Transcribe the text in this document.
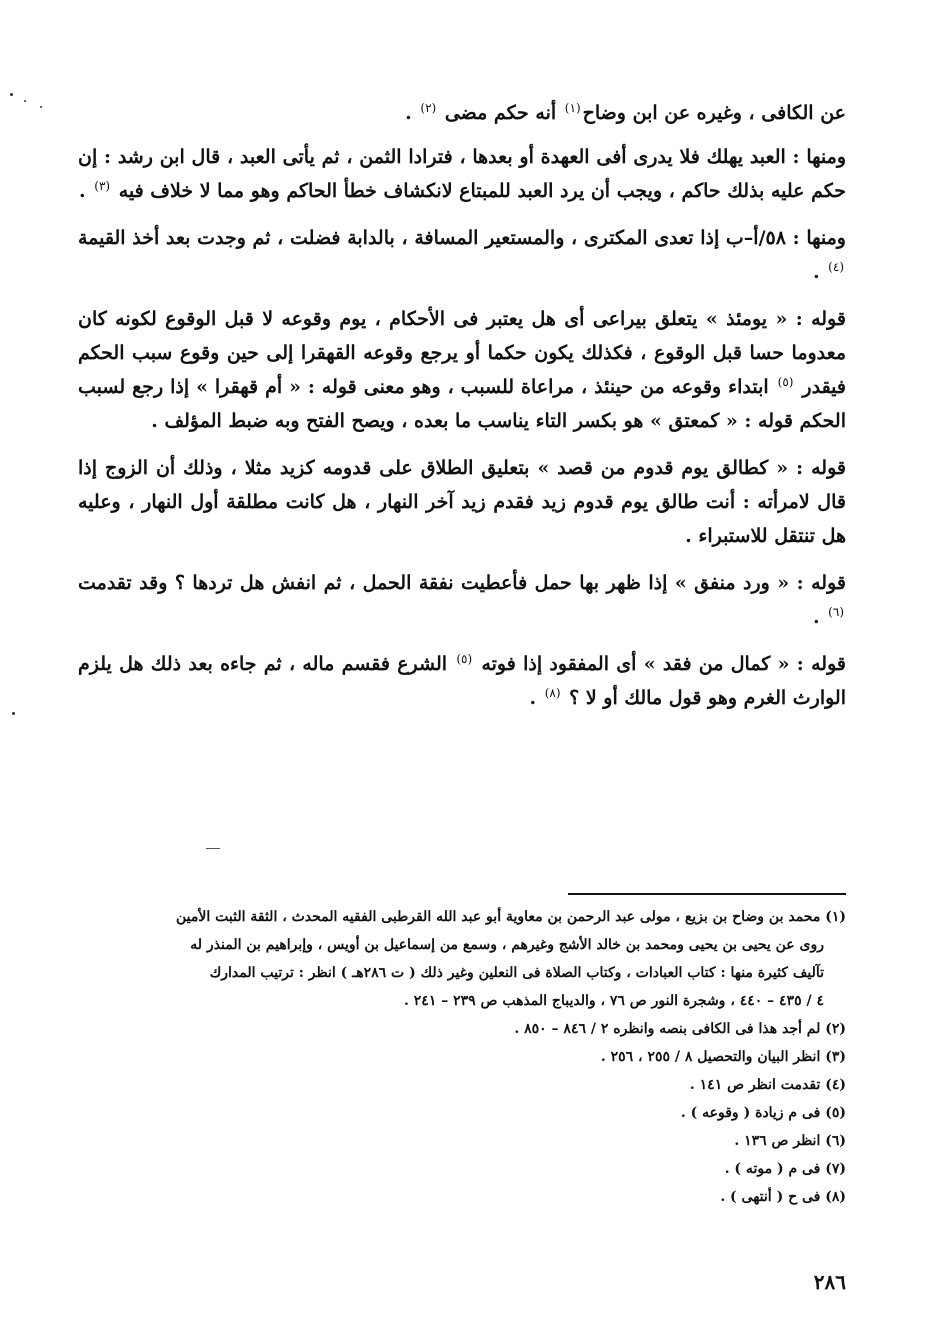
عن الكافى ، وغيره عن ابن وضاح$^{(١)}$ أنه حكم مضى $^{(٢)}$ .

ومنها : العبد يهلك فلا يدرى أفى العهدة أو بعدها ، فترادا الثمن ، ثم يأتى العبد ، قال ابن رشد : إن حكم عليه بذلك حاكم ، ويجب أن يرد العبد للمبتاع لانكشاف خطأ الحاكم وهو مما لا خلاف فيه $^{(٣)}$ .

ومنها : ٥٨/أ–ب إذا تعدى المكترى ، والمستعير المسافة ، بالدابة فضلت ، ثم وجدت بعد أخذ القيمة $^{(٤)}$ .

قوله : « يومئذ » يتعلق بيراعى أى هل يعتبر فى الأحكام ، يوم وقوعه لا قبل الوقوع لكونه كان معدوما حسا قبل الوقوع ، فكذلك يكون حكما أو يرجع وقوعه القهقرا إلى حين وقوع سبب الحكم فيقدر $^{(٥)}$ ابتداء وقوعه من حينئذ ، مراعاة للسبب ، وهو معنى قوله : « أم قهقرا » إذا رجع لسبب الحكم قوله : « كمعتق » هو بكسر التاء يناسب ما بعده ، ويصح الفتح وبه ضبط المؤلف .

قوله : « كطالق يوم قدوم من قصد » بتعليق الطلاق على قدومه كزيد مثلا ، وذلك أن الزوج إذا قال لامرأته : أنت طالق يوم قدوم زيد فقدم زيد آخر النهار ، هل كانت مطلقة أول النهار ، وعليه هل تنتقل للاستبراء .

قوله : « ورد منفق » إذا ظهر بها حمل فأعطيت نفقة الحمل ، ثم انفش هل تردها ؟ وقد تقدمت $^{(٦)}$ .

قوله : « كمال من فقد » أى المفقود إذا فوته $^{(٥)}$ الشرع فقسم ماله ، ثم جاءه بعد ذلك هل يلزم الوارث الغرم وهو قول مالك أو لا ؟ $^{(٨)}$ .

(١) محمد بن وضاح بن بزيع ، مولى عبد الرحمن بن معاوية أبو عبد الله القرطبى الفقيه المحدث ، الثقة الثبت الأمين

روى عن يحيى بن يحيى ومحمد بن خالد الأشج وغيرهم ، وسمع من إسماعيل بن أويس ، وإبراهيم بن المنذر له

تآليف كثيرة منها : كتاب العبادات ، وكتاب الصلاة فى النعلين وغير ذلك ( ت ٢٨٦هـ ) انظر : ترتيب المدارك

٤ / ٤٣٥ – ٤٤٠ ، وشجرة النور ص ٧٦ ، والديباج المذهب ص ٢٣٩ – ٢٤١ .

(٢) لم أجد هذا فى الكافى بنصه وانظره ٢ / ٨٤٦ – ٨٥٠ .

(٣) انظر البيان والتحصيل ٨ / ٢٥٥ ، ٢٥٦ .

(٤) تقدمت انظر ص ١٤١ .

(٥) فى م زيادة ( وقوعه ) .

(٦) انظر ص ١٣٦ .

(٧) فى م ( موته ) .

(٨) فى ح ( أنتهى ) .

٢٨٦
